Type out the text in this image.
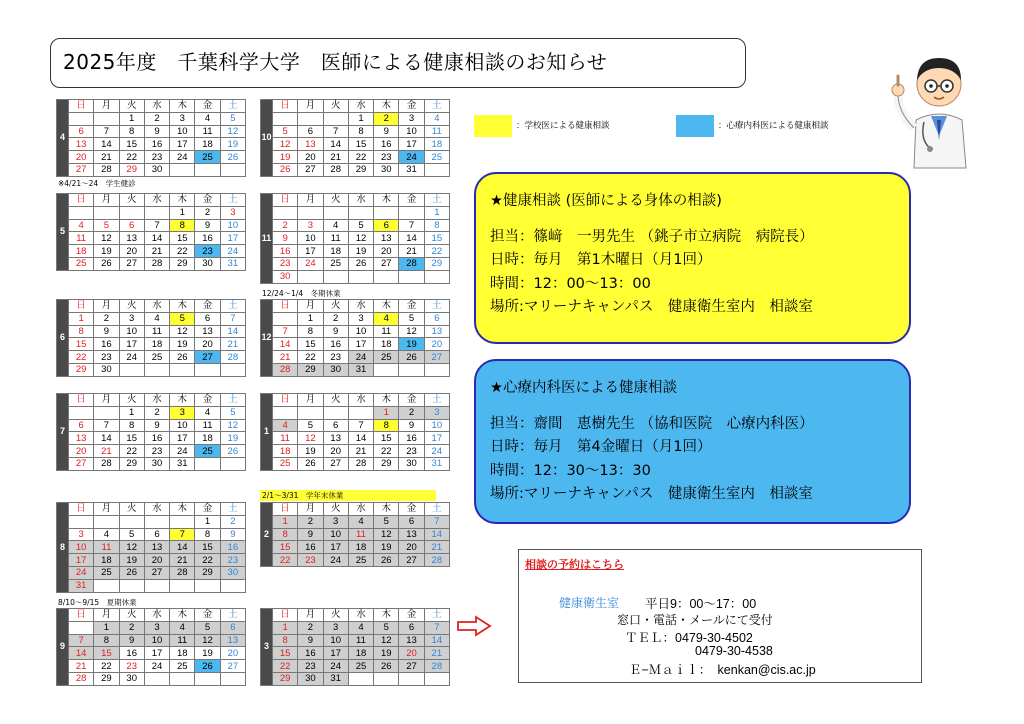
2025年度　千葉科学大学　医師による健康相談のお知らせ
4	日	月	火	水	木	金	土
			1	2	3	4	5
	6	7	8	9	10	11	12
	13	14	15	16	17	18	19
	20	21	22	23	24	25	26
	27	28	29	30			
5	日	月	火	水	木	金	土
					1	2	3
	4	5	6	7	8	9	10
	11	12	13	14	15	16	17
	18	19	20	21	22	23	24
	25	26	27	28	29	30	31
6	日	月	火	水	木	金	土
	1	2	3	4	5	6	7
	8	9	10	11	12	13	14
	15	16	17	18	19	20	21
	22	23	24	25	26	27	28
	29	30					
7	日	月	火	水	木	金	土
			1	2	3	4	5
	6	7	8	9	10	11	12
	13	14	15	16	17	18	19
	20	21	22	23	24	25	26
	27	28	29	30	31		
8	日	月	火	水	木	金	土
						1	2
	3	4	5	6	7	8	9
	10	11	12	13	14	15	16
	17	18	19	20	21	22	23
	24	25	26	27	28	29	30
	31						
9	日	月	火	水	木	金	土
		1	2	3	4	5	6
	7	8	9	10	11	12	13
	14	15	16	17	18	19	20
	21	22	23	24	25	26	27
	28	29	30				
10	日	月	火	水	木	金	土
				1	2	3	4
	5	6	7	8	9	10	11
	12	13	14	15	16	17	18
	19	20	21	22	23	24	25
	26	27	28	29	30	31	
11	日	月	火	水	木	金	土
							1
	2	3	4	5	6	7	8
	9	10	11	12	13	14	15
	16	17	18	19	20	21	22
	23	24	25	26	27	28	29
	30						
12	日	月	火	水	木	金	土
		1	2	3	4	5	6
	7	8	9	10	11	12	13
	14	15	16	17	18	19	20
	21	22	23	24	25	26	27
	28	29	30	31			
1	日	月	火	水	木	金	土
					1	2	3
	4	5	6	7	8	9	10
	11	12	13	14	15	16	17
	18	19	20	21	22	23	24
	25	26	27	28	29	30	31
2	日	月	火	水	木	金	土
	1	2	3	4	5	6	7
	8	9	10	11	12	13	14
	15	16	17	18	19	20	21
	22	23	24	25	26	27	28
3	日	月	火	水	木	金	土
	1	2	3	4	5	6	7
	8	9	10	11	12	13	14
	15	16	17	18	19	20	21
	22	23	24	25	26	27	28
	29	30	31				
※4/21～24　学生健診
12/24～1/4　冬期休業
2/1～3/31　学年末休業
8/10～9/15　夏期休業
：学校医による健康相談	：心療内科医による健康相談
★健康相談 (医師による身体の相談)
担当：篠﨑　一男先生 （銚子市立病院　病院長）
日時：毎月　第1木曜日（月1回）
時間：12：00〜13：00
場所:マリーナキャンパス　健康衛生室内　相談室
★心療内科医による健康相談
担当：齋間　恵樹先生 （協和医院　心療内科医）
日時：毎月　第4金曜日（月1回）
時間：12：30〜13：30
場所:マリーナキャンパス　健康衛生室内　相談室
相談の予約はこちら
健康衛生室 平日9：00〜17：00
窓口・電話・メールにて受付
ＴＥＬ：0479-30-4502
0479-30-4538
Ｅ−Ｍａｉｌ：　kenkan@cis.ac.jp
